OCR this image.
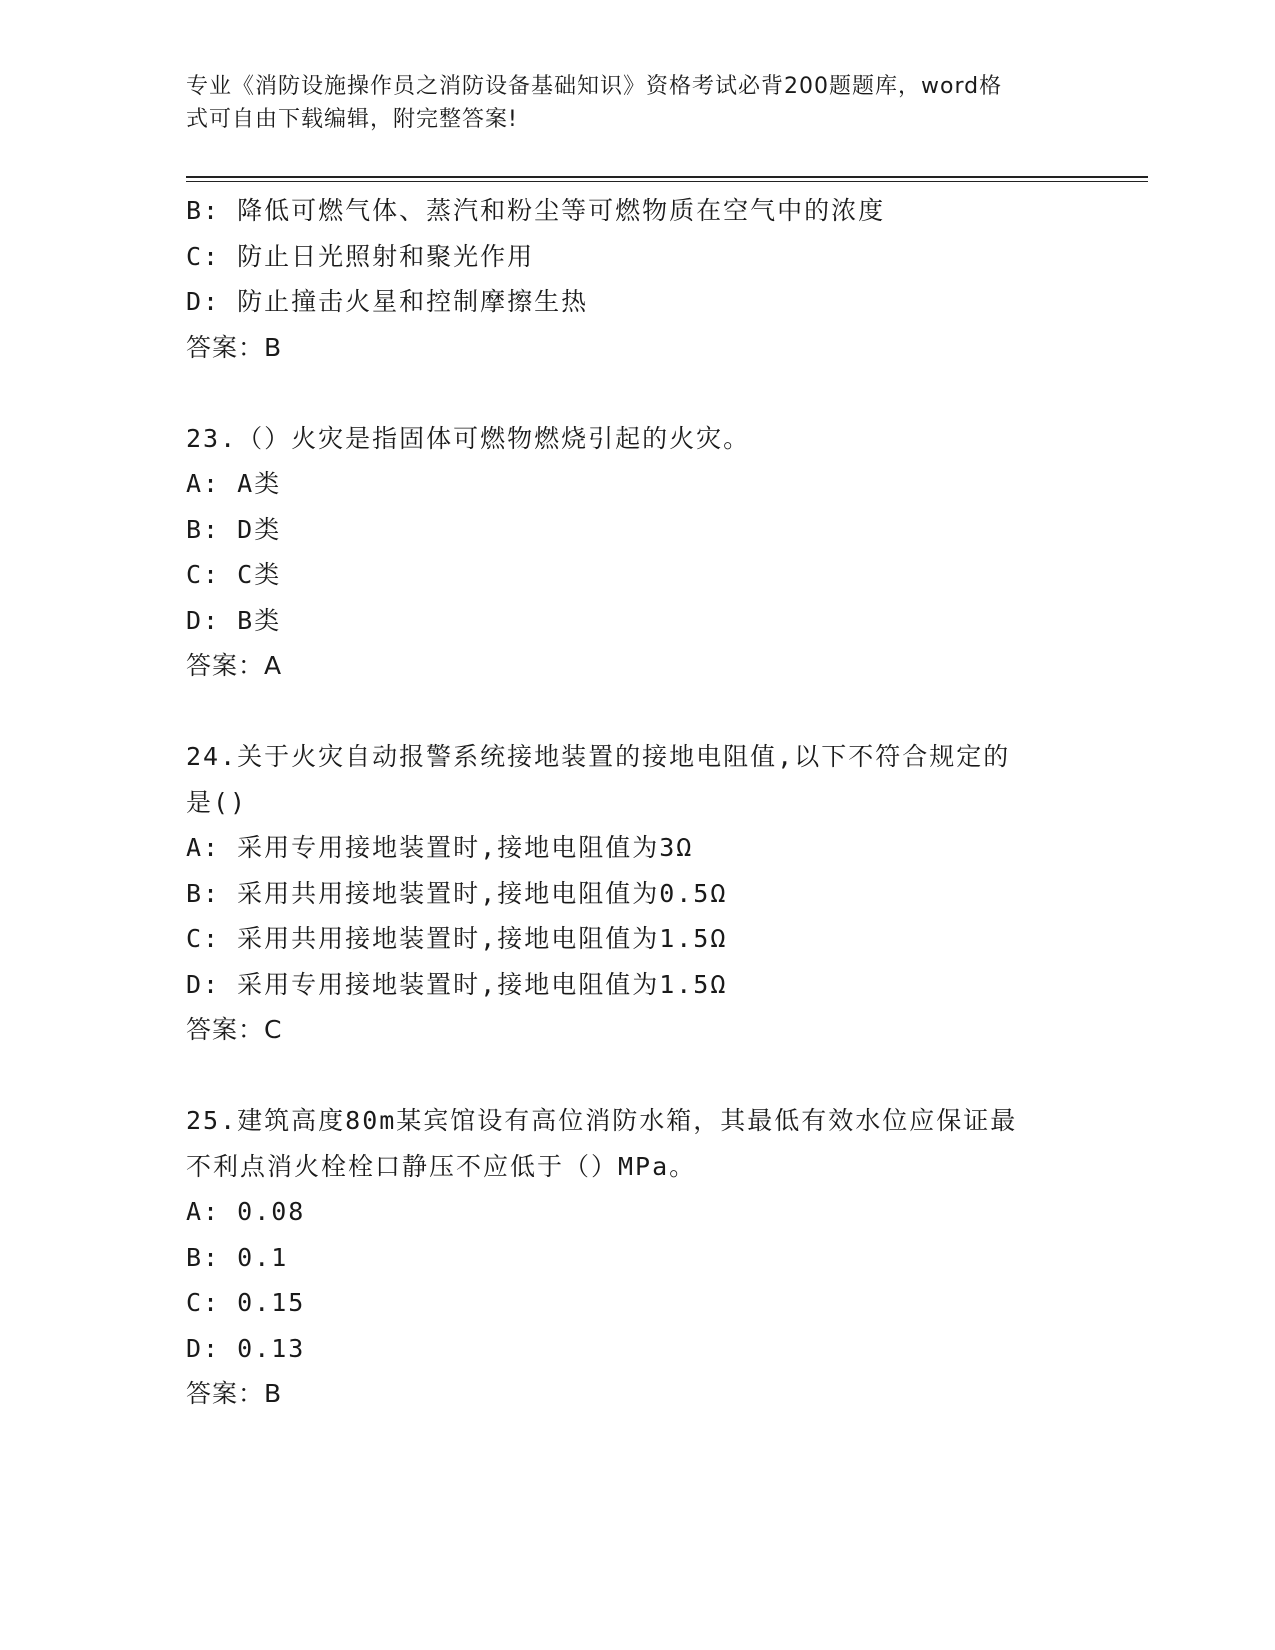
专业《消防设施操作员之消防设备基础知识》资格考试必背200题题库，word格
式可自由下载编辑，附完整答案!
B: 降低可燃气体、蒸汽和粉尘等可燃物质在空气中的浓度
C: 防止日光照射和聚光作用
D: 防止撞击火星和控制摩擦生热
答案：B
23.（）火灾是指固体可燃物燃烧引起的火灾。
A: A类
B: D类
C: C类
D: B类
答案：A
24.关于火灾自动报警系统接地装置的接地电阻值,以下不符合规定的
是()
A: 采用专用接地装置时,接地电阻值为3Ω
B: 采用共用接地装置时,接地电阻值为0.5Ω
C: 采用共用接地装置时,接地电阻值为1.5Ω
D: 采用专用接地装置时,接地电阻值为1.5Ω
答案：C
25.建筑高度80m某宾馆设有高位消防水箱，其最低有效水位应保证最
不利点消火栓栓口静压不应低于（）MPa。
A: 0.08
B: 0.1
C: 0.15
D: 0.13
答案：B
